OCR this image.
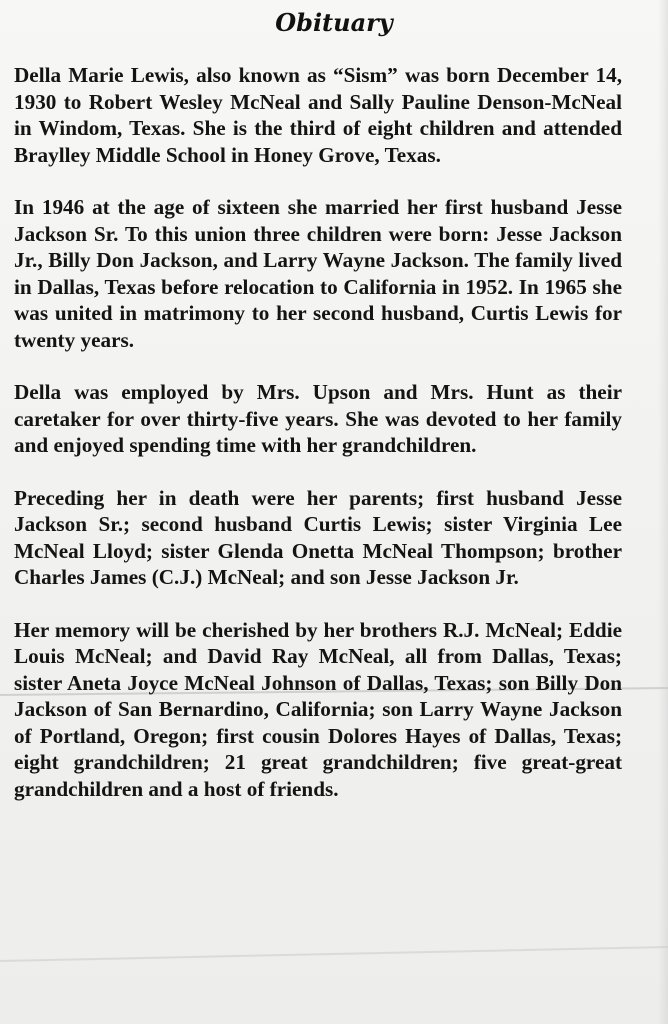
Obituary

Della Marie Lewis, also known as “Sism” was born December 14, 1930 to Robert Wesley McNeal and Sally Pauline Denson-McNeal in Windom, Texas. She is the third of eight children and attended Braylley Middle School in Honey Grove, Texas.

In 1946 at the age of sixteen she married her first husband Jesse Jackson Sr. To this union three children were born: Jesse Jackson Jr., Billy Don Jackson, and Larry Wayne Jackson. The family lived in Dallas, Texas before relocation to California in 1952. In 1965 she was united in matrimony to her second husband, Curtis Lewis for twenty years.

Della was employed by Mrs. Upson and Mrs. Hunt as their caretaker for over thirty-five years. She was devoted to her family and enjoyed spending time with her grandchildren.

Preceding her in death were her parents; first husband Jesse Jackson Sr.; second husband Curtis Lewis; sister Virginia Lee McNeal Lloyd; sister Glenda Onetta McNeal Thompson; brother Charles James (C.J.) McNeal; and son Jesse Jackson Jr.

Her memory will be cherished by her brothers R.J. McNeal; Eddie Louis McNeal; and David Ray McNeal, all from Dallas, Texas; sister Aneta Joyce McNeal Johnson of Dallas, Texas; son Billy Don Jackson of San Bernardino, California; son Larry Wayne Jackson of Portland, Oregon; first cousin Dolores Hayes of Dallas, Texas; eight grandchildren; 21 great grandchildren; five great-great grandchildren and a host of friends.
